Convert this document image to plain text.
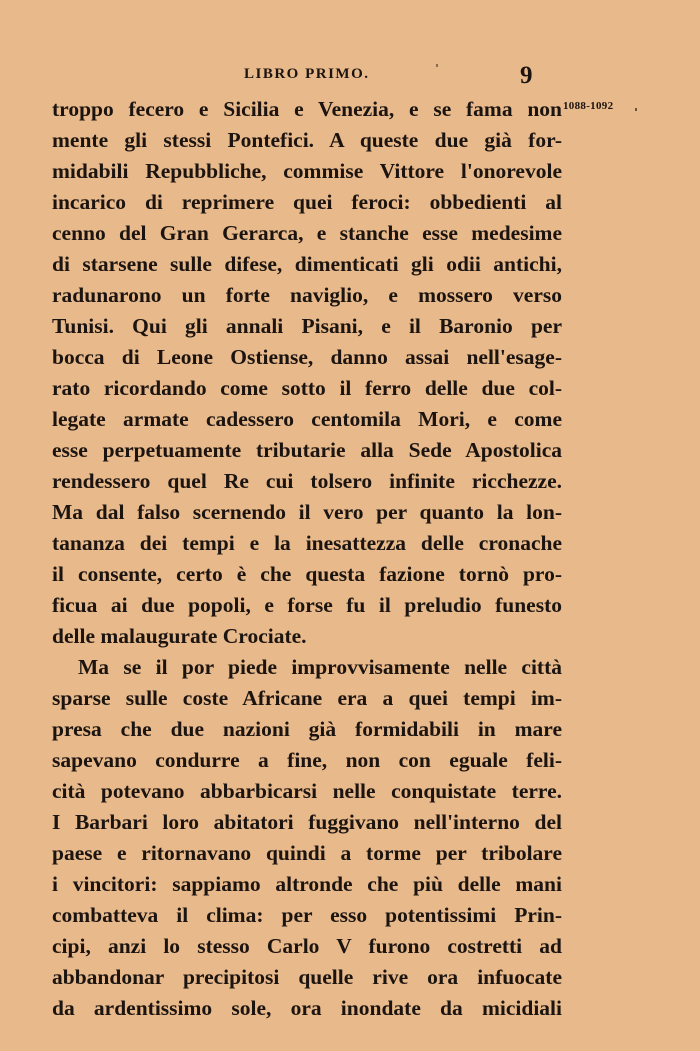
LIBRO PRIMO.	9
1088-1092
troppo fecero e Sicilia e Venezia, e se fama non
mente gli stessi Pontefici. A queste due già for-
midabili Repubbliche, commise Vittore l'onorevole
incarico di reprimere quei feroci: obbedienti al
cenno del Gran Gerarca, e stanche esse medesime
di starsene sulle difese, dimenticati gli odii antichi,
radunarono un forte naviglio, e mossero verso
Tunisi. Qui gli annali Pisani, e il Baronio per
bocca di Leone Ostiense, danno assai nell'esage-
rato ricordando come sotto il ferro delle due col-
legate armate cadessero centomila Mori, e come
esse perpetuamente tributarie alla Sede Apostolica
rendessero quel Re cui tolsero infinite ricchezze.
Ma dal falso scernendo il vero per quanto la lon-
tananza dei tempi e la inesattezza delle cronache
il consente, certo è che questa fazione tornò pro-
ficua ai due popoli, e forse fu il preludio funesto
delle malaugurate Crociate.
Ma se il por piede improvvisamente nelle città
sparse sulle coste Africane era a quei tempi im-
presa che due nazioni già formidabili in mare
sapevano condurre a fine, non con eguale feli-
cità potevano abbarbicarsi nelle conquistate terre.
I Barbari loro abitatori fuggivano nell'interno del
paese e ritornavano quindi a torme per tribolare
i vincitori: sappiamo altronde che più delle mani
combatteva il clima: per esso potentissimi Prin-
cipi, anzi lo stesso Carlo V furono costretti ad
abbandonar precipitosi quelle rive ora infuocate
da ardentissimo sole, ora inondate da micidiali
